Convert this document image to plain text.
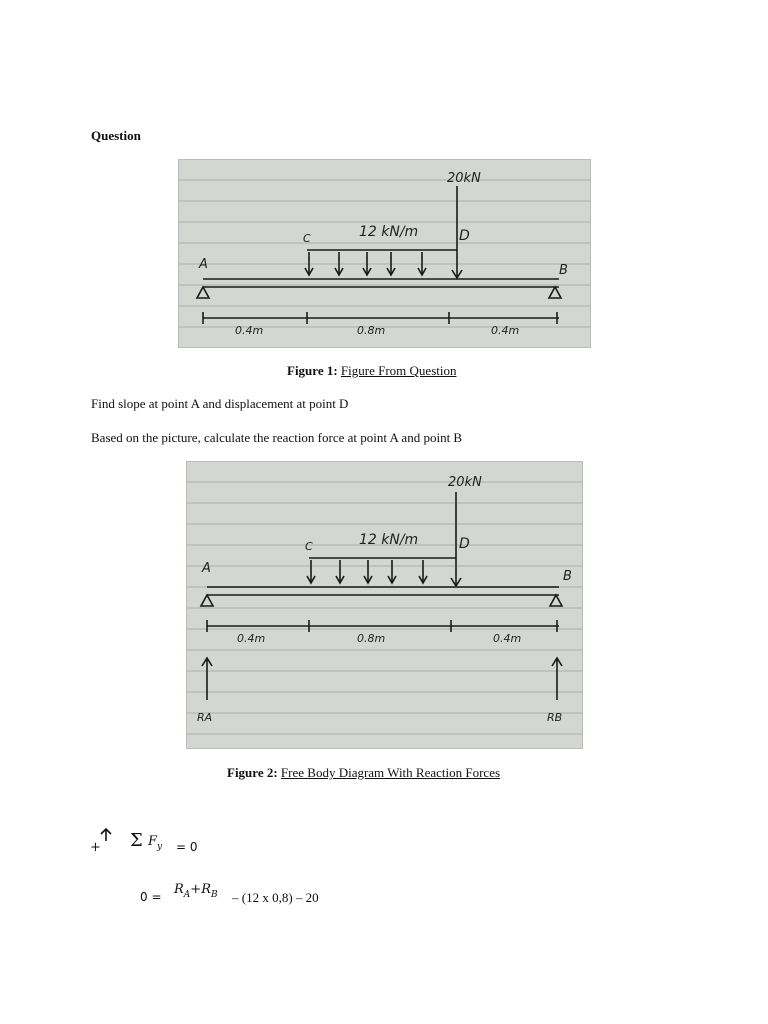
Question
20kN
12 kN/m
C	D
A	B
0.4m	0.8m	0.4m
Figure 1: Figure From Question
Find slope at point A and displacement at point D
Based on the picture, calculate the reaction force at point A and point B
20kN
12 kN/m
C	D
A
B
0.4m	0.8m	0.4m
RA	RB
Figure 2: Free Body Diagram With Reaction Forces
+ Σ $F_y = 0$
$0 = R_A+R_B - (12$ x 0,8) – 20
